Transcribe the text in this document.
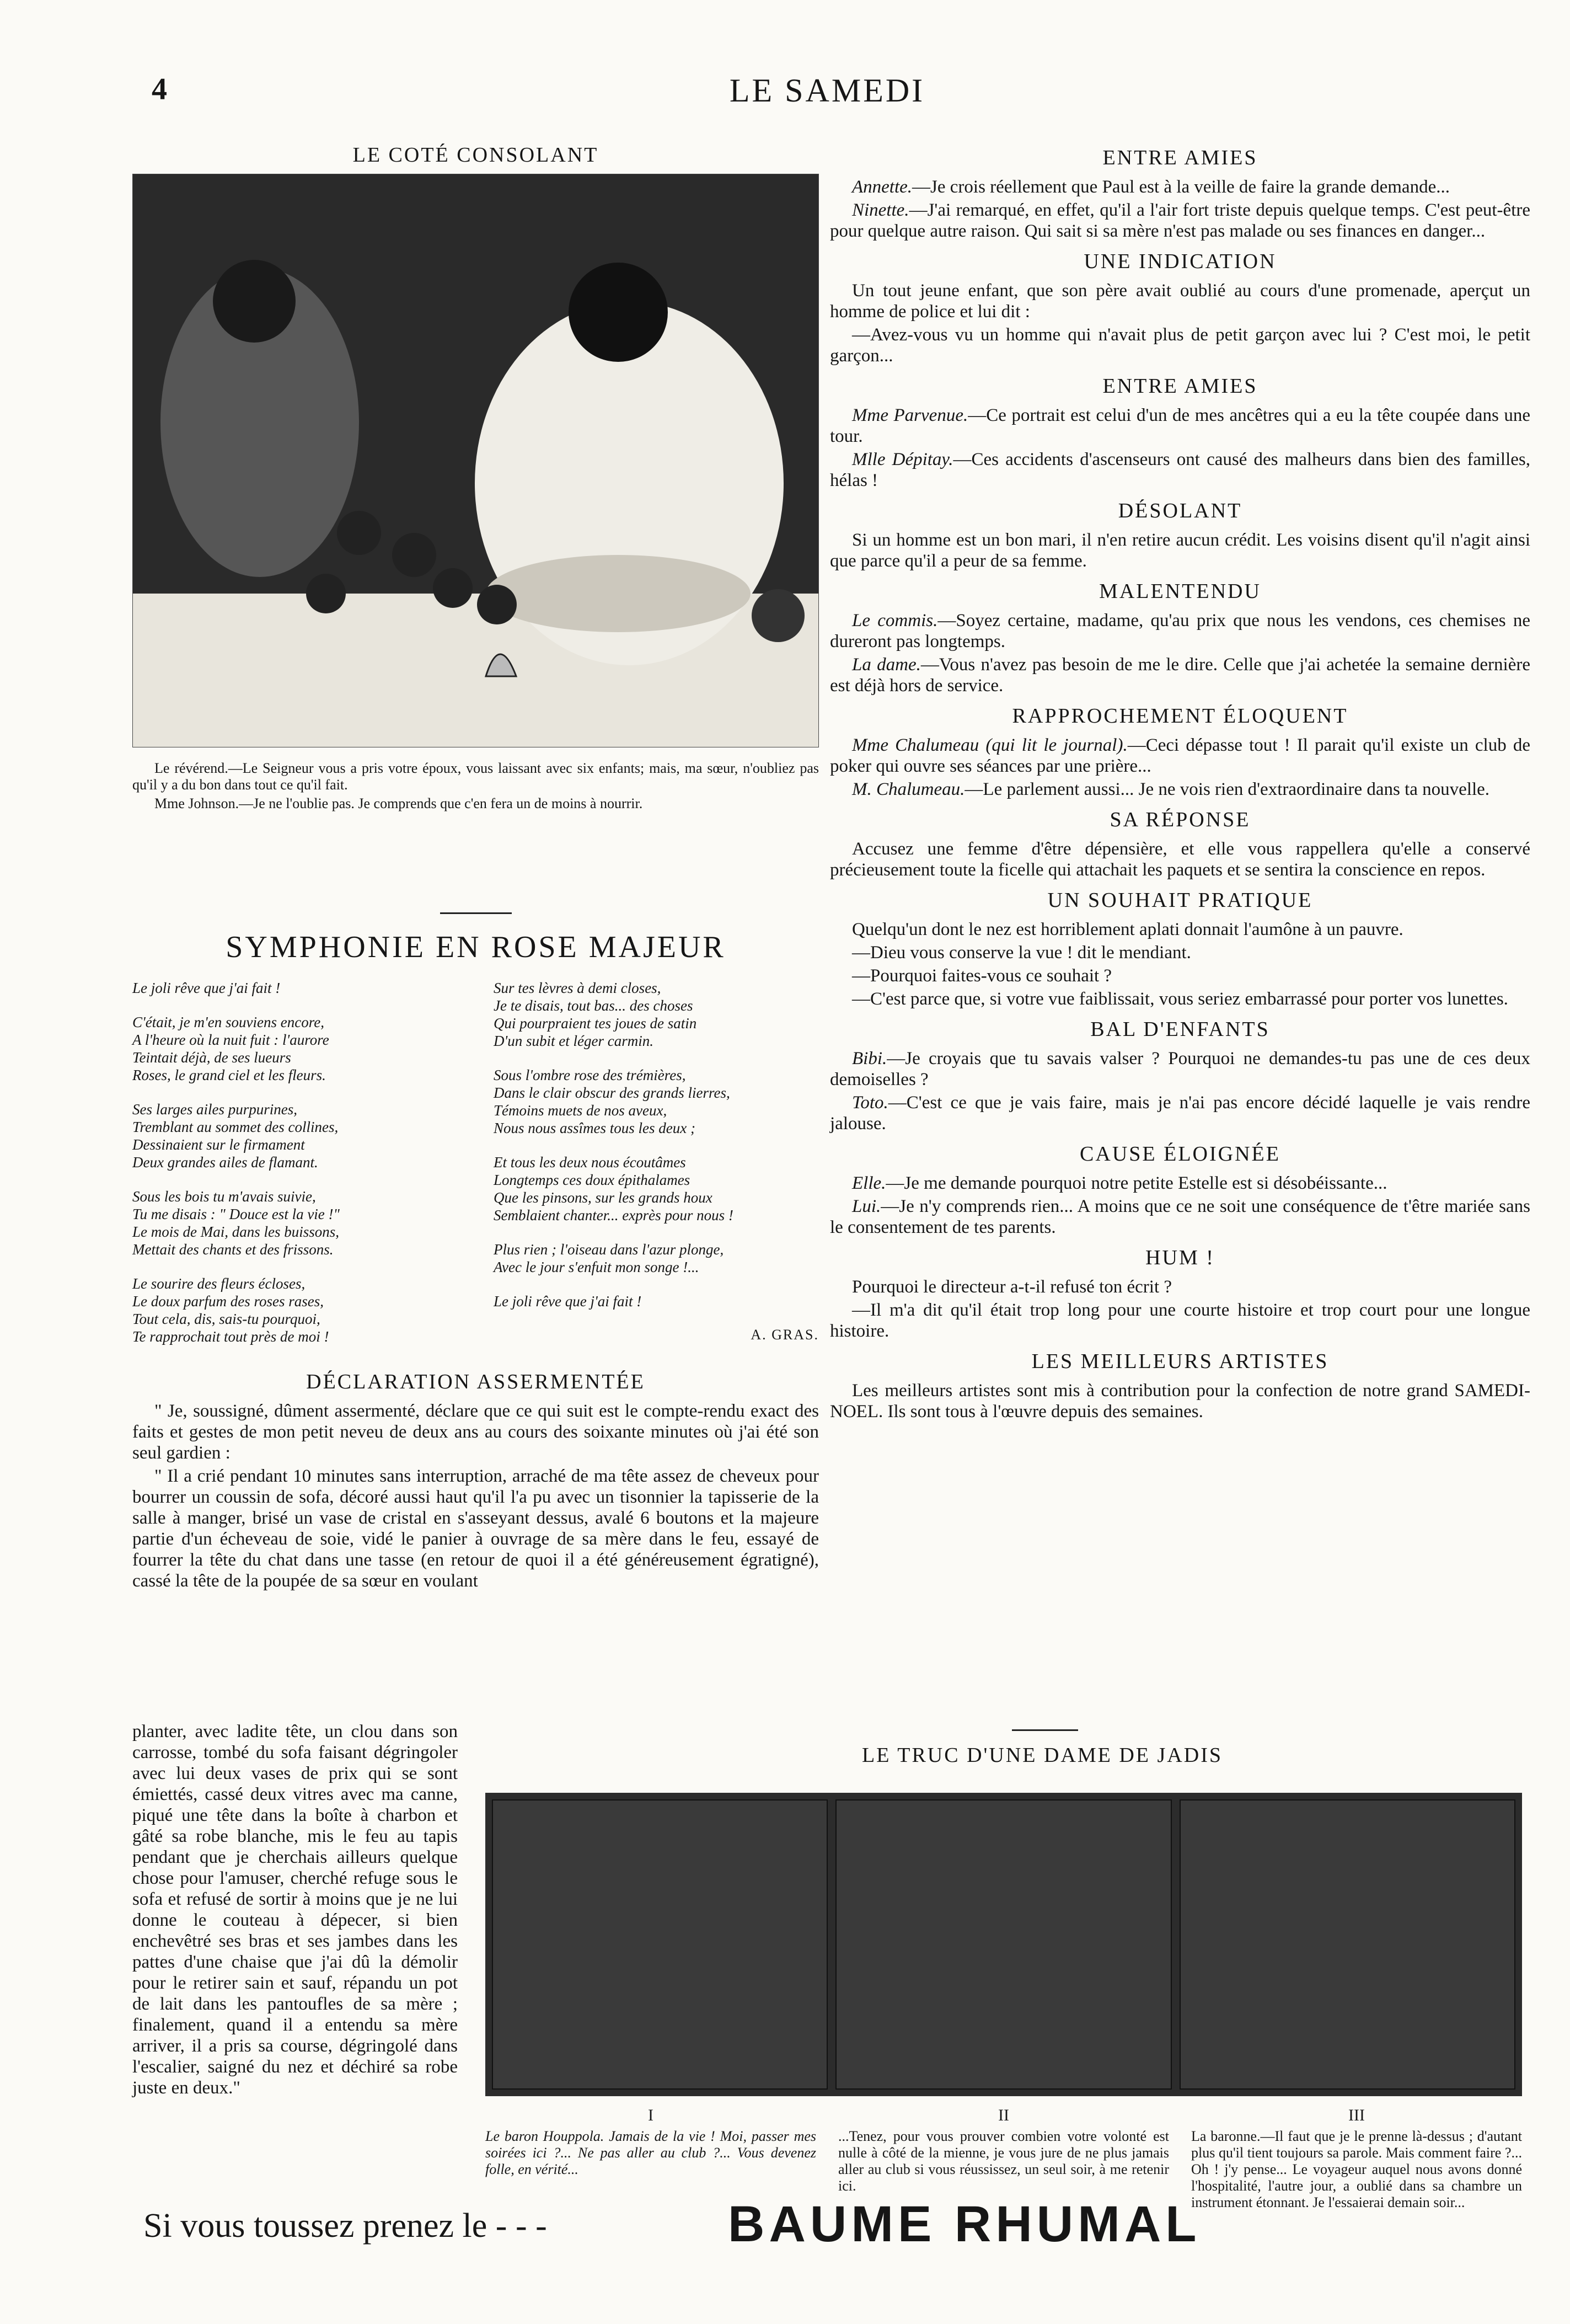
4	LE SAMEDI
LE COTÉ CONSOLANT

Le révérend.—Le Seigneur vous a pris votre époux, vous laissant avec six enfants; mais, ma sœur, n'oubliez pas qu'il y a du bon dans tout ce qu'il fait.

Mme Johnson.—Je ne l'oublie pas. Je comprends que c'en fera un de moins à nourrir.

SYMPHONIE EN ROSE MAJEUR
Le joli rêve que j'ai fait !
C'était, je m'en souviens encore,
A l'heure où la nuit fuit : l'aurore
Teintait déjà, de ses lueurs
Roses, le grand ciel et les fleurs.
Ses larges ailes purpurines,
Tremblant au sommet des collines,
Dessinaient sur le firmament
Deux grandes ailes de flamant.
Sous les bois tu m'avais suivie,
Tu me disais : " Douce est la vie !"
Le mois de Mai, dans les buissons,
Mettait des chants et des frissons.
Le sourire des fleurs écloses,
Le doux parfum des roses rases,
Tout cela, dis, sais-tu pourquoi,
Te rapprochait tout près de moi !
Sur tes lèvres à demi closes,
Je te disais, tout bas... des choses
Qui pourpraient tes joues de satin
D'un subit et léger carmin.
Sous l'ombre rose des trémières,
Dans le clair obscur des grands lierres,
Témoins muets de nos aveux,
Nous nous assîmes tous les deux ;
Et tous les deux nous écoutâmes
Longtemps ces doux épithalames
Que les pinsons, sur les grands houx
Semblaient chanter... exprès pour nous !
Plus rien ; l'oiseau dans l'azur plonge,
Avec le jour s'enfuit mon songe !...
Le joli rêve que j'ai fait !
A. GRAS.
DÉCLARATION ASSERMENTÉE

" Je, soussigné, dûment assermenté, déclare que ce qui suit est le compte-rendu exact des faits et gestes de mon petit neveu de deux ans au cours des soixante minutes où j'ai été son seul gardien :

" Il a crié pendant 10 minutes sans interruption, arraché de ma tête assez de cheveux pour bourrer un coussin de sofa, décoré aussi haut qu'il l'a pu avec un tisonnier la tapisserie de la salle à manger, brisé un vase de cristal en s'asseyant dessus, avalé 6 boutons et la majeure partie d'un écheveau de soie, vidé le panier à ouvrage de sa mère dans le feu, essayé de fourrer la tête du chat dans une tasse (en retour de quoi il a été généreusement égratigné), cassé la tête de la poupée de sa sœur en voulant

planter, avec ladite tête, un clou dans son carrosse, tombé du sofa faisant dégringoler avec lui deux vases de prix qui se sont émiettés, cassé deux vitres avec ma canne, piqué une tête dans la boîte à charbon et gâté sa robe blanche, mis le feu au tapis pendant que je cherchais ailleurs quelque chose pour l'amuser, cherché refuge sous le sofa et refusé de sortir à moins que je ne lui donne le couteau à dépecer, si bien enchevêtré ses bras et ses jambes dans les pattes d'une chaise que j'ai dû la démolir pour le retirer sain et sauf, répandu un pot de lait dans les pantoufles de sa mère ; finalement, quand il a entendu sa mère arriver, il a pris sa course, dégringolé dans l'escalier, saigné du nez et déchiré sa robe juste en deux."

ENTRE AMIES

Annette.—Je crois réellement que Paul est à la veille de faire la grande demande...

Ninette.—J'ai remarqué, en effet, qu'il a l'air fort triste depuis quelque temps. C'est peut-être pour quelque autre raison. Qui sait si sa mère n'est pas malade ou ses finances en danger...

UNE INDICATION

Un tout jeune enfant, que son père avait oublié au cours d'une promenade, aperçut un homme de police et lui dit :

—Avez-vous vu un homme qui n'avait plus de petit garçon avec lui ? C'est moi, le petit garçon...

ENTRE AMIES

Mme Parvenue.—Ce portrait est celui d'un de mes ancêtres qui a eu la tête coupée dans une tour.

Mlle Dépitay.—Ces accidents d'ascenseurs ont causé des malheurs dans bien des familles, hélas !

DÉSOLANT

Si un homme est un bon mari, il n'en retire aucun crédit. Les voisins disent qu'il n'agit ainsi que parce qu'il a peur de sa femme.

MALENTENDU

Le commis.—Soyez certaine, madame, qu'au prix que nous les vendons, ces chemises ne dureront pas longtemps.

La dame.—Vous n'avez pas besoin de me le dire. Celle que j'ai achetée la semaine dernière est déjà hors de service.

RAPPROCHEMENT ÉLOQUENT

Mme Chalumeau (qui lit le journal).—Ceci dépasse tout ! Il parait qu'il existe un club de poker qui ouvre ses séances par une prière...

M. Chalumeau.—Le parlement aussi... Je ne vois rien d'extraordinaire dans ta nouvelle.

SA RÉPONSE

Accusez une femme d'être dépensière, et elle vous rappellera qu'elle a conservé précieusement toute la ficelle qui attachait les paquets et se sentira la conscience en repos.

UN SOUHAIT PRATIQUE

Quelqu'un dont le nez est horriblement aplati donnait l'aumône à un pauvre.

—Dieu vous conserve la vue ! dit le mendiant.

—Pourquoi faites-vous ce souhait ?

—C'est parce que, si votre vue faiblissait, vous seriez embarrassé pour porter vos lunettes.

BAL D'ENFANTS

Bibi.—Je croyais que tu savais valser ? Pourquoi ne demandes-tu pas une de ces deux demoiselles ?

Toto.—C'est ce que je vais faire, mais je n'ai pas encore décidé laquelle je vais rendre jalouse.

CAUSE ÉLOIGNÉE

Elle.—Je me demande pourquoi notre petite Estelle est si désobéissante...

Lui.—Je n'y comprends rien... A moins que ce ne soit une conséquence de t'être mariée sans le consentement de tes parents.

HUM !

Pourquoi le directeur a-t-il refusé ton écrit ?

—Il m'a dit qu'il était trop long pour une courte histoire et trop court pour une longue histoire.

LES MEILLEURS ARTISTES

Les meilleurs artistes sont mis à contribution pour la confection de notre grand SAMEDI-NOEL. Ils sont tous à l'œuvre depuis des semaines.

LE TRUC D'UNE DAME DE JADIS
I
Le baron Houppola. Jamais de la vie ! Moi, passer mes soirées ici ?... Ne pas aller au club ?... Vous devenez folle, en vérité...
II
...Tenez, pour vous prouver combien votre volonté est nulle à côté de la mienne, je vous jure de ne plus jamais aller au club si vous réussissez, un seul soir, à me retenir ici.
III
La baronne.—Il faut que je le prenne là-dessus ; d'autant plus qu'il tient toujours sa parole. Mais comment faire ?... Oh ! j'y pense... Le voyageur auquel nous avons donné l'hospitalité, l'autre jour, a oublié dans sa chambre un instrument étonnant. Je l'essaierai demain soir...
Si vous toussez prenez le - - -	BAUME RHUMAL
